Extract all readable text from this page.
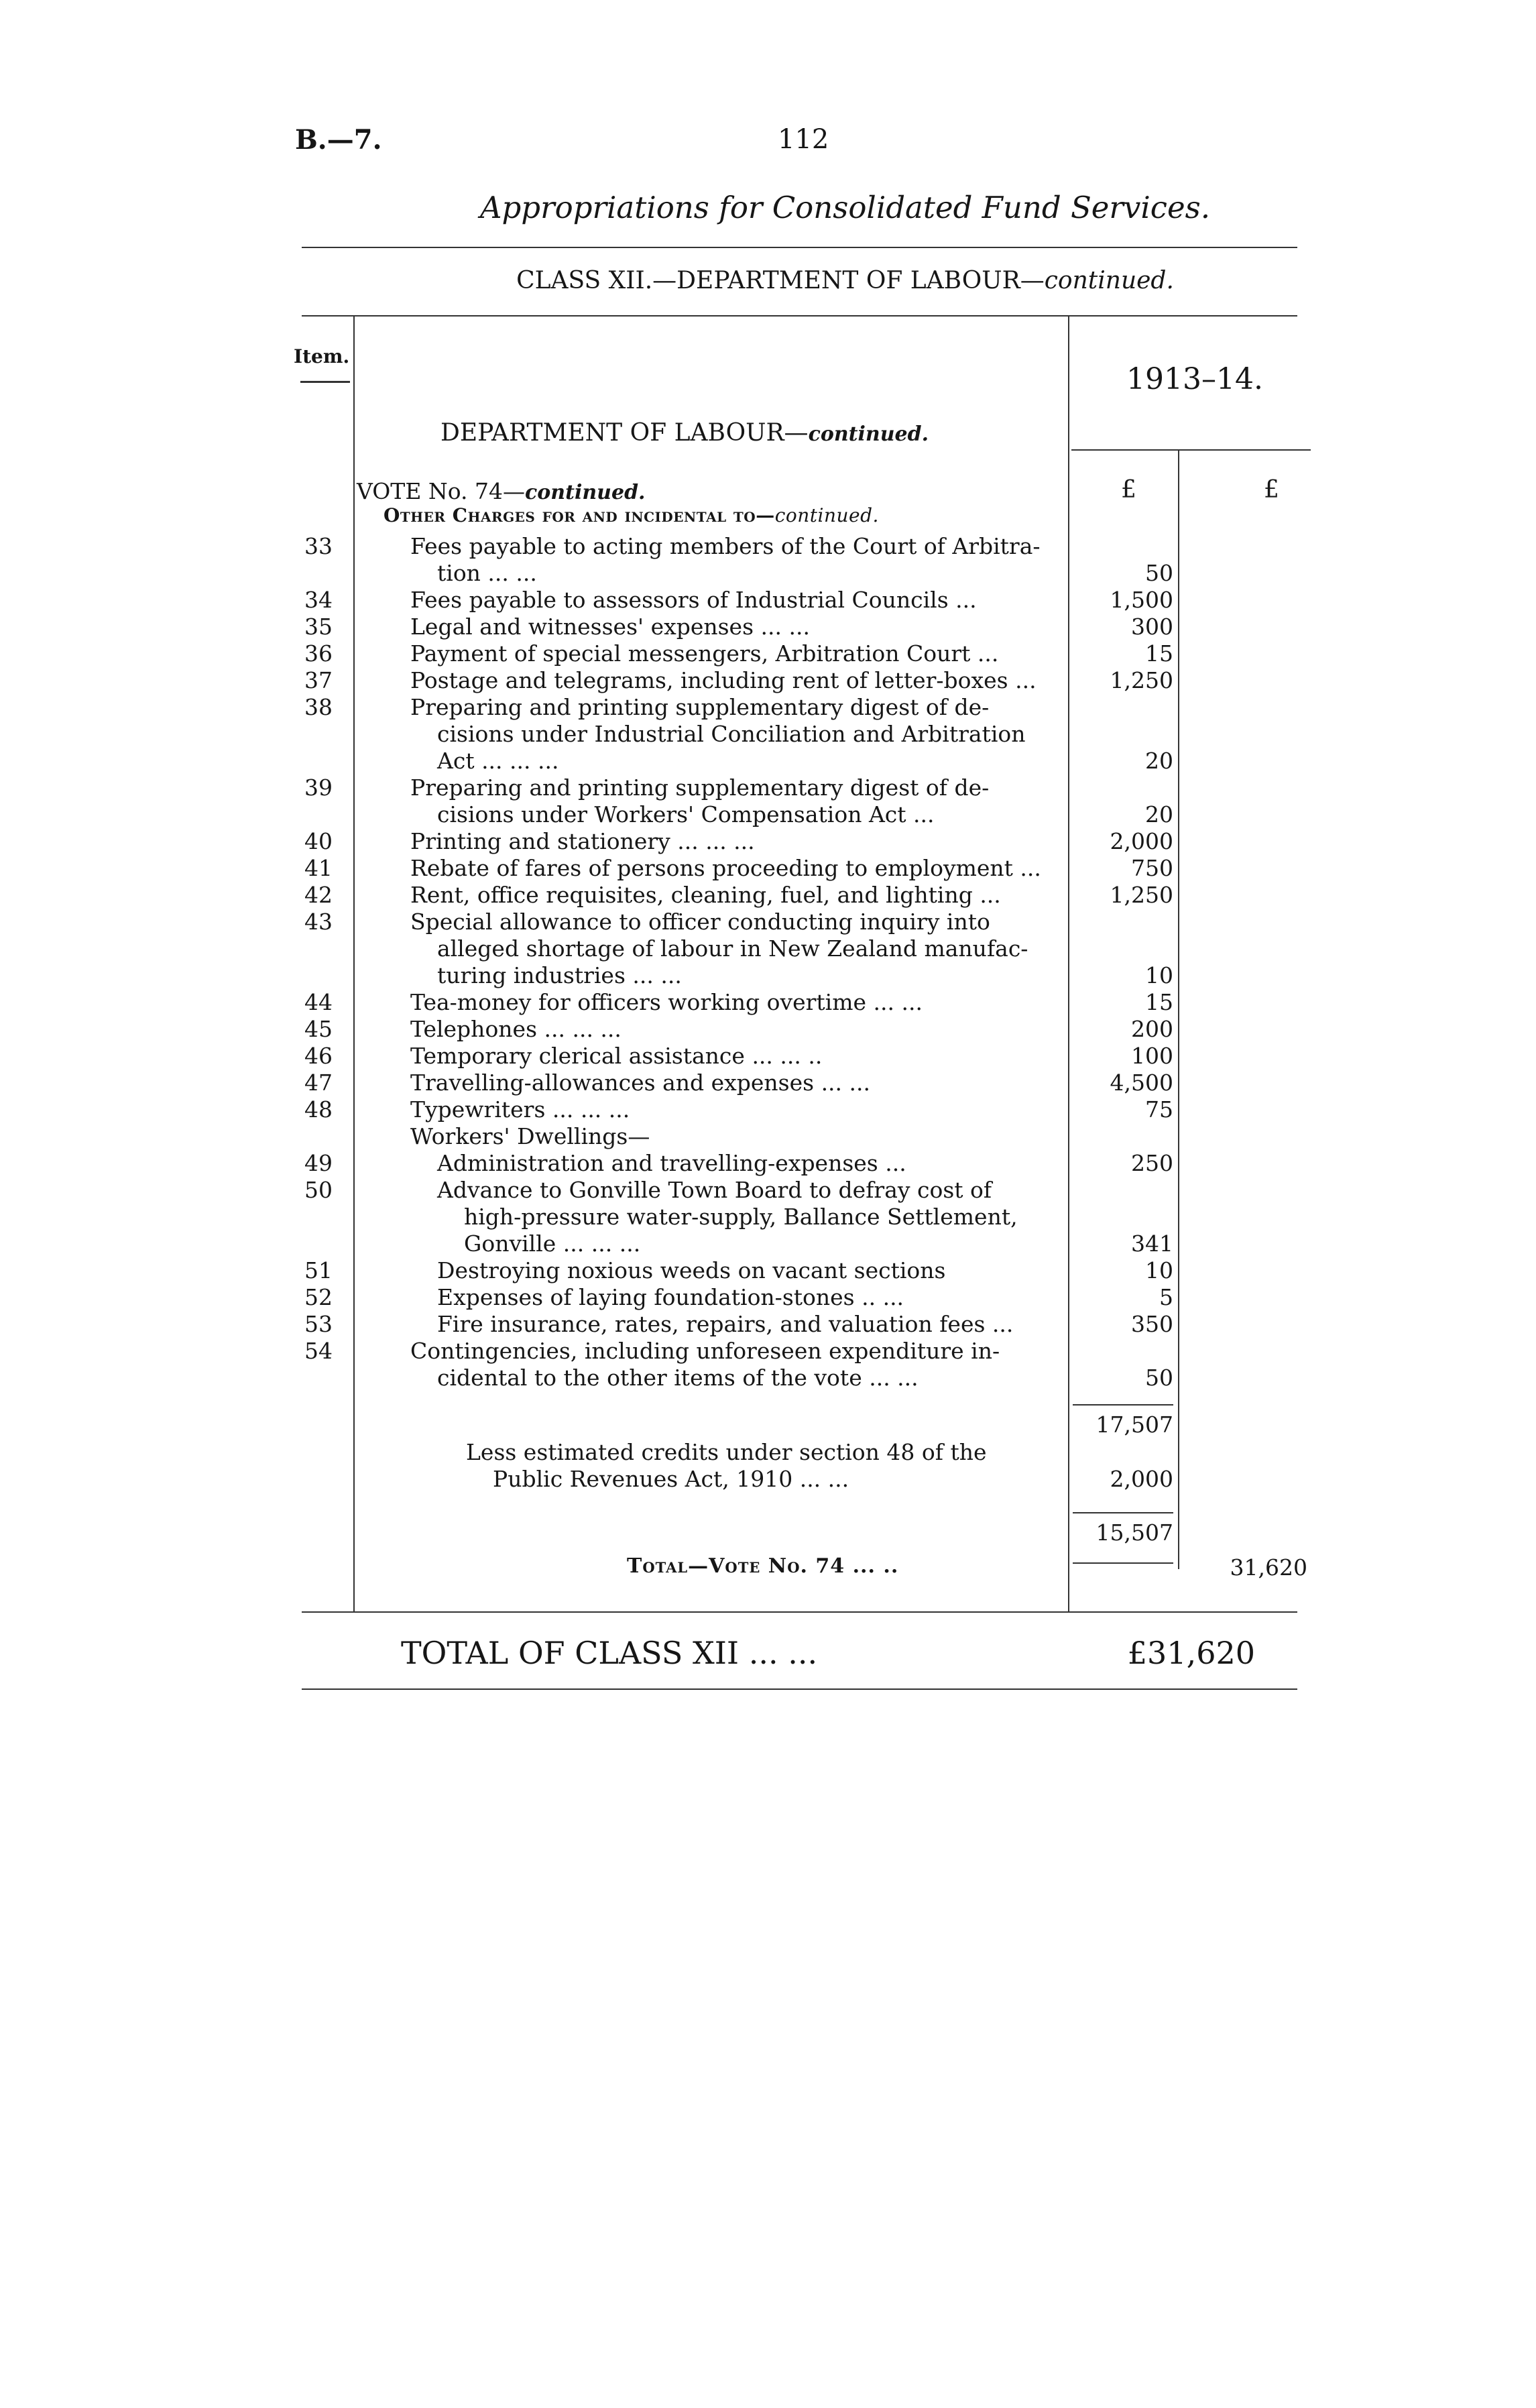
B.—7.	112
Appropriations for Consolidated Fund Services.
CLASS XII.—DEPARTMENT OF LABOUR—continued.
Item.
1913–14.
DEPARTMENT OF LABOUR—continued.
£	£
VOTE No. 74—continued.
Other Charges for and incidental to—continued.
33	Fees payable to acting members of the Court of Arbitra-
tion ... ...	50
34	Fees payable to assessors of Industrial Councils ...	1,500
35	Legal and witnesses' expenses ... ...	300
36	Payment of special messengers, Arbitration Court ...	15
37	Postage and telegrams, including rent of letter-boxes ...	1,250
38	Preparing and printing supplementary digest of de-
cisions under Industrial Conciliation and Arbitration
Act ... ... ...	20
39	Preparing and printing supplementary digest of de-
cisions under Workers' Compensation Act ...	20
40	Printing and stationery ... ... ...	2,000
41	Rebate of fares of persons proceeding to employment ...	750
42	Rent, office requisites, cleaning, fuel, and lighting ...	1,250
43	Special allowance to officer conducting inquiry into
alleged shortage of labour in New Zealand manufac-
turing industries ... ...	10
44	Tea-money for officers working overtime ... ...	15
45	Telephones ... ... ...	200
46	Temporary clerical assistance ... ... ..	100
47	Travelling-allowances and expenses ... ...	4,500
48	Typewriters ... ... ...	75
Workers' Dwellings—
49	Administration and travelling-expenses ...	250
50	Advance to Gonville Town Board to defray cost of
high-pressure water-supply, Ballance Settlement,
Gonville ... ... ...	341
51	Destroying noxious weeds on vacant sections	10
52	Expenses of laying foundation-stones .. ...	5
53	Fire insurance, rates, repairs, and valuation fees ...	350
54	Contingencies, including unforeseen expenditure in-
cidental to the other items of the vote ... ...	50
17,507
Less estimated credits under section 48 of the
Public Revenues Act, 1910 ... ...	2,000
15,507
Total—Vote No. 74 ... ..	31,620
TOTAL OF CLASS XII ... ...	£31,620
